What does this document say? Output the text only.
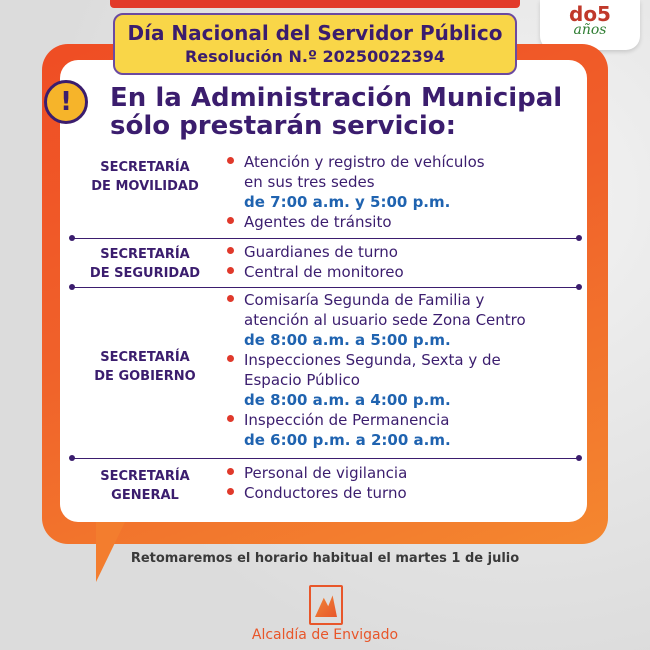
do5
años
Día Nacional del Servidor Público
Resolución N.º 20250022394
!	En la Administración Municipal
sólo prestarán servicio:
SECRETARÍA
DE MOVILIDAD
Atención y registro de vehículos
en sus tres sedes
de 7:00 a.m. y 5:00 p.m.
Agentes de tránsito
SECRETARÍA
DE SEGURIDAD
Guardianes de turno
Central de monitoreo
SECRETARÍA
DE GOBIERNO
Comisaría Segunda de Familia y
atención al usuario sede Zona Centro
de 8:00 a.m. a 5:00 p.m.
Inspecciones Segunda, Sexta y de
Espacio Público
de 8:00 a.m. a 4:00 p.m.
Inspección de Permanencia
de 6:00 p.m. a 2:00 a.m.
SECRETARÍA
GENERAL
Personal de vigilancia
Conductores de turno
Retomaremos el horario habitual el martes 1 de julio
Alcaldía de Envigado
